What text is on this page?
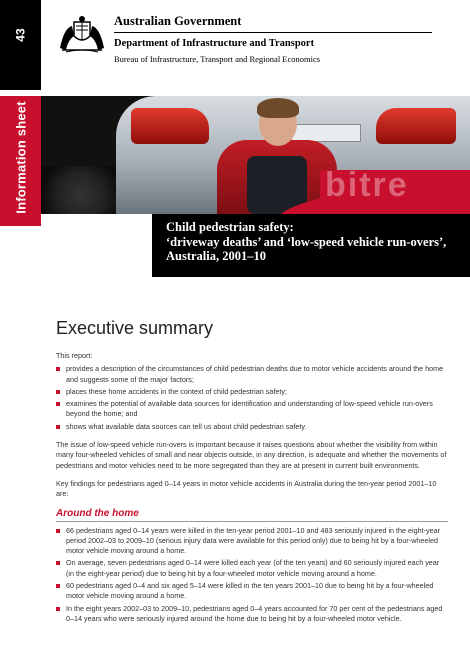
43
Information sheet
Australian Government
Department of Infrastructure and Transport
Bureau of Infrastructure, Transport and Regional Economics
bitre
Child pedestrian safety:
‘driveway deaths’ and ‘low-speed vehicle run-overs’,
Australia, 2001–10
Executive summary
This report:
provides a description of the circumstances of child pedestrian deaths due to motor vehicle accidents around the home and suggests some of the major factors;
places these home accidents in the context of child pedestrian safety;
examines the potential of available data sources for identification and understanding of low-speed vehicle run-overs beyond the home; and
shows what available data sources can tell us about child pedestrian safety.
The issue of low-speed vehicle run-overs is important because it raises questions about whether the visibility from within many four-wheeled vehicles of small and near objects outside, in any direction, is adequate and whether the movements of pedestrians and motor vehicles need to be more segregated than they are at present in current built environments.
Key findings for pedestrians aged 0–14 years in motor vehicle accidents in Australia during the ten-year period 2001–10 are:
Around the home
66 pedestrians aged 0–14 years were killed in the ten-year period 2001–10 and 483 seriously injured in the eight-year period 2002–03 to 2009–10 (serious injury data were available for this period only) due to being hit by a four-wheeled motor vehicle moving around a home.
On average, seven pedestrians aged 0–14 were killed each year (of the ten years) and 60 seriously injured each year (in the eight-year period) due to being hit by a four-wheeled motor vehicle moving around a home.
60 pedestrians aged 0–4 and six aged 5–14 were killed in the ten years 2001–10 due to being hit by a four-wheeled motor vehicle moving around a home.
In the eight years 2002–03 to 2009–10, pedestrians aged 0–4 years accounted for 70 per cent of the pedestrians aged 0–14 years who were seriously injured around the home due to being hit by a four-wheeled motor vehicle.
